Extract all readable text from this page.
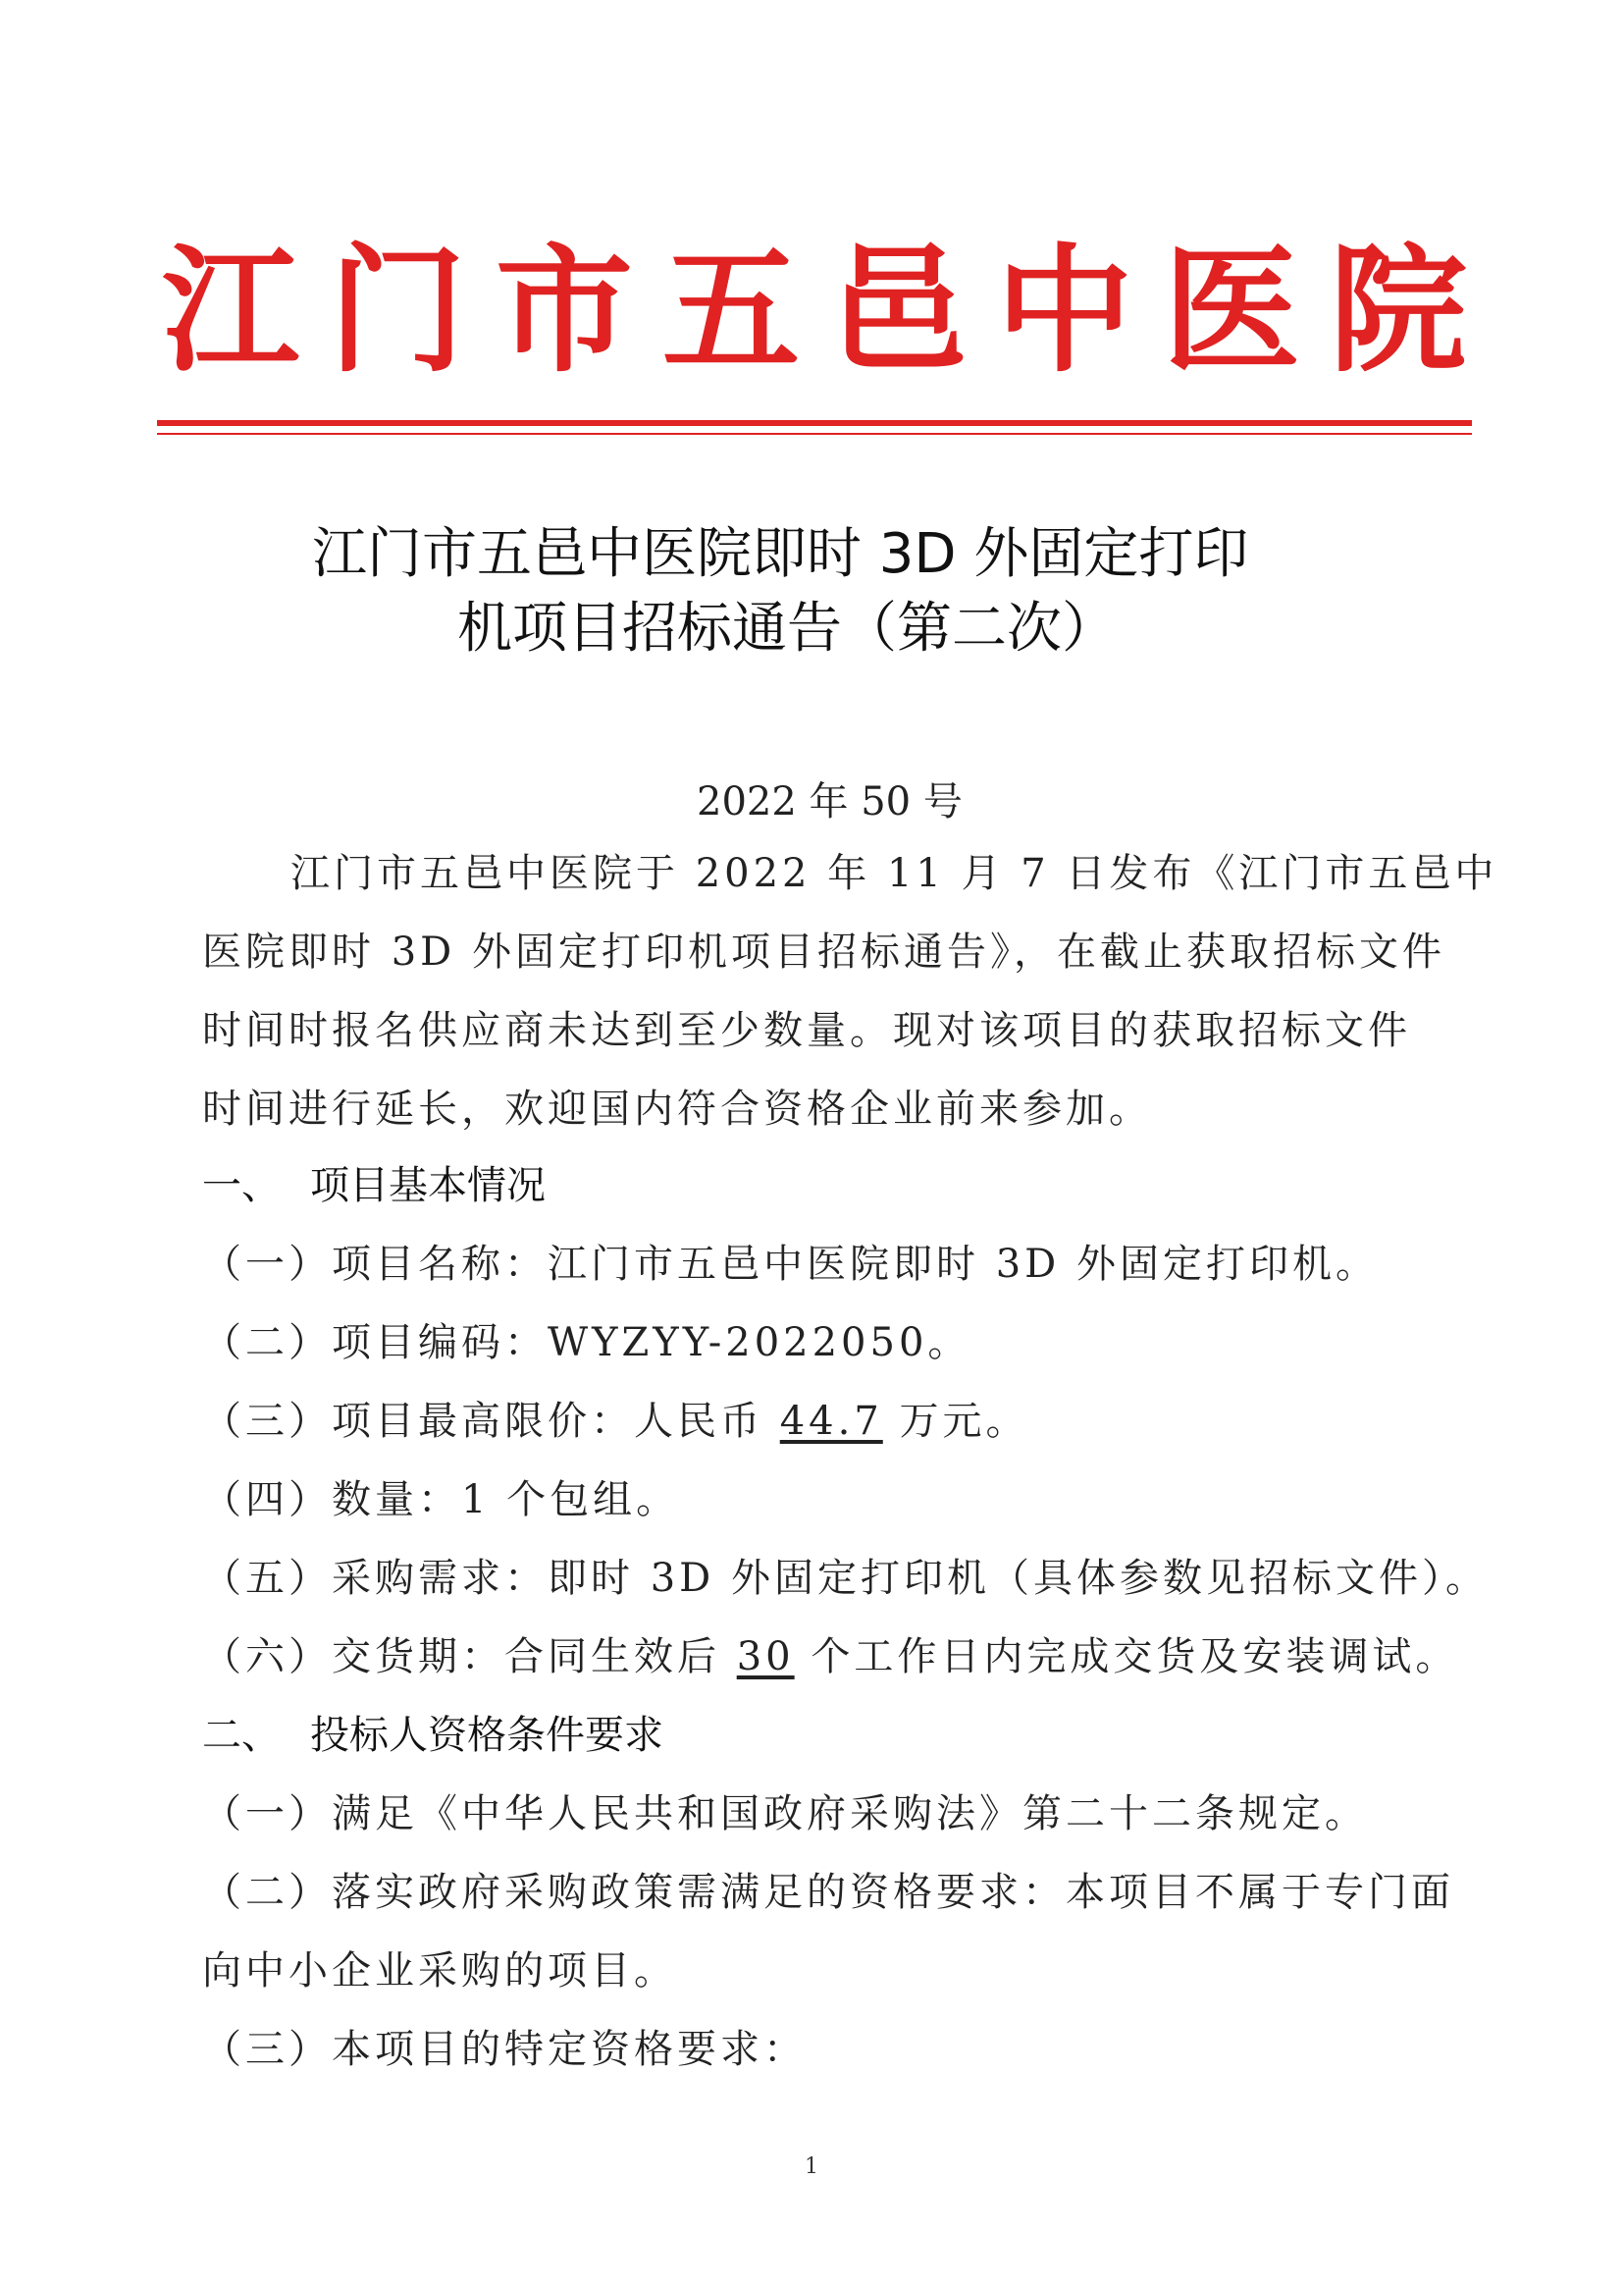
江 门 市 五 邑 中 医 院
江门市五邑中医院即时 3D 外固定打印
机项目招标通告（第二次）
2022 年 50 号
江门市五邑中医院于 2022 年 11 月 7 日发布《江门市五邑中
医院即时 3D 外固定打印机项目招标通告》，在截止获取招标文件
时间时报名供应商未达到至少数量。现对该项目的获取招标文件
时间进行延长，欢迎国内符合资格企业前来参加。
一、 项目基本情况
（一）项目名称：江门市五邑中医院即时 3D 外固定打印机。
（二）项目编码：WYZYY-2022050。
（三）项目最高限价：人民币 44.7 万元。
（四）数量：1 个包组。
（五）采购需求：即时 3D 外固定打印机（具体参数见招标文件）。
（六）交货期：合同生效后 30 个工作日内完成交货及安装调试。
二、 投标人资格条件要求
（一）满足《中华人民共和国政府采购法》第二十二条规定。
（二）落实政府采购政策需满足的资格要求：本项目不属于专门面
向中小企业采购的项目。
（三）本项目的特定资格要求：
1
